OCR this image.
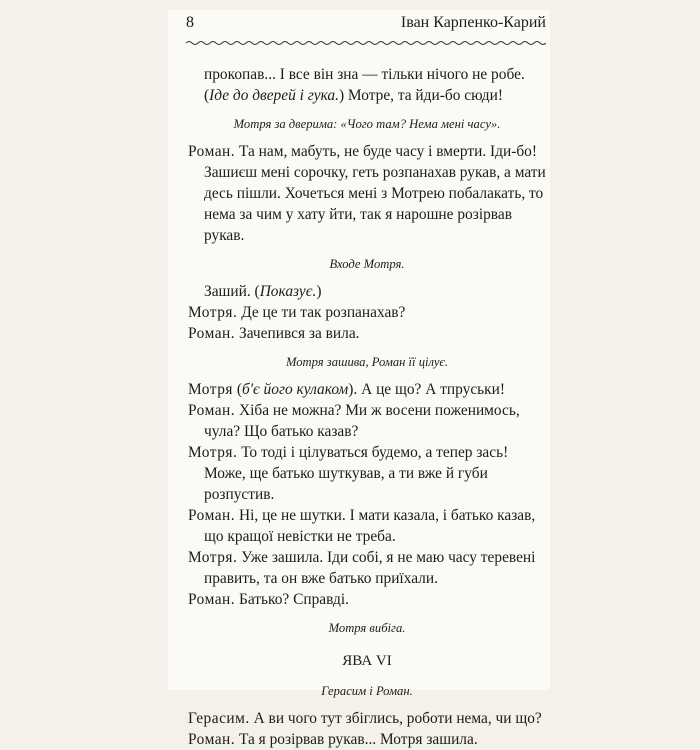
8	Іван Карпенко-Карий

прокопав... І все він зна — тільки нічого не робе. (Іде до дверей і гука.) Мотре, та йди-бо сюди!

Мотря за дверима: «Чого там? Нема мені часу».

Роман. Та нам, мабуть, не буде часу і вмерти. Іди-бо! Зашиєш мені сорочку, геть розпанахав рукав, а мати десь пішли. Хочеться мені з Мотрею побалакать, то нема за чим у хату йти, так я нарошне розірвав рукав.

Входе Мотря.

Заший. (Показує.)

Мотря. Де це ти так розпанахав?

Роман. Зачепився за вила.

Мотря зашива, Роман її цілує.

Мотря (б'є його кулаком). А це що? А тпруськи!

Роман. Хіба не можна? Ми ж восени поженимось, чула? Що батько казав?

Мотря. То тоді і цілуваться будемо, а тепер зась! Може, ще батько шуткував, а ти вже й губи розпустив.

Роман. Ні, це не шутки. І мати казала, і батько казав, що кращої невістки не треба.

Мотря. Уже зашила. Іди собі, я не маю часу теревені править, та он вже батько приїхали.

Роман. Батько? Справді.

Мотря вибіга.

ЯВА VI

Герасим і Роман.

Герасим. А ви чого тут збіглись, роботи нема, чи що?

Роман. Та я розірвав рукав... Мотря зашила.
